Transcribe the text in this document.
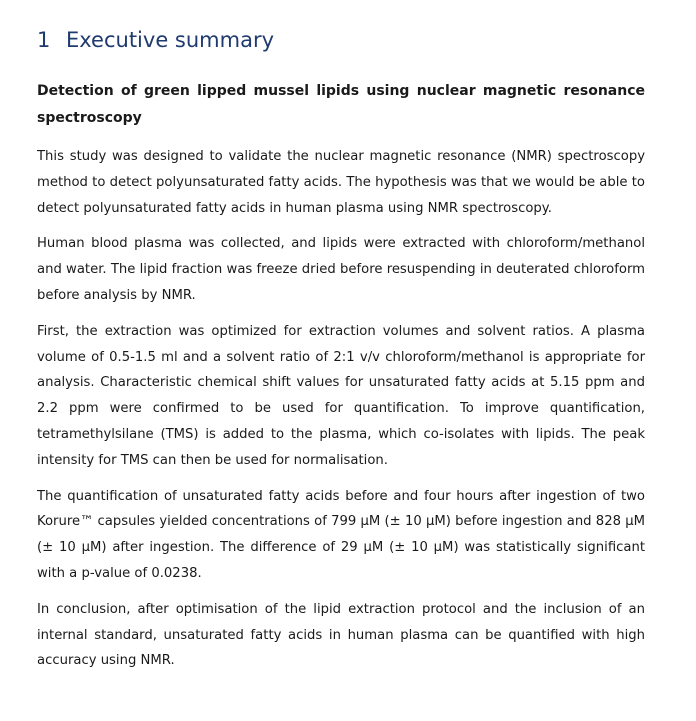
1 Executive summary
Detection of green lipped mussel lipids using nuclear magnetic resonance spectroscopy

This study was designed to validate the nuclear magnetic resonance (NMR) spectroscopy method to detect polyunsaturated fatty acids. The hypothesis was that we would be able to detect polyunsaturated fatty acids in human plasma using NMR spectroscopy.

Human blood plasma was collected, and lipids were extracted with chloroform/methanol and water. The lipid fraction was freeze dried before resuspending in deuterated chloroform before analysis by NMR.

First, the extraction was optimized for extraction volumes and solvent ratios. A plasma volume of 0.5-1.5 ml and a solvent ratio of 2:1 v/v chloroform/methanol is appropriate for analysis. Characteristic chemical shift values for unsaturated fatty acids at 5.15 ppm and 2.2 ppm were confirmed to be used for quantification. To improve quantification, tetramethylsilane (TMS) is added to the plasma, which co-isolates with lipids. The peak intensity for TMS can then be used for normalisation.

The quantification of unsaturated fatty acids before and four hours after ingestion of two Korure™ capsules yielded concentrations of 799 µM (± 10 µM) before ingestion and 828 µM (± 10 µM) after ingestion. The difference of 29 µM (± 10 µM) was statistically significant with a p-value of 0.0238.

In conclusion, after optimisation of the lipid extraction protocol and the inclusion of an internal standard, unsaturated fatty acids in human plasma can be quantified with high accuracy using NMR.
